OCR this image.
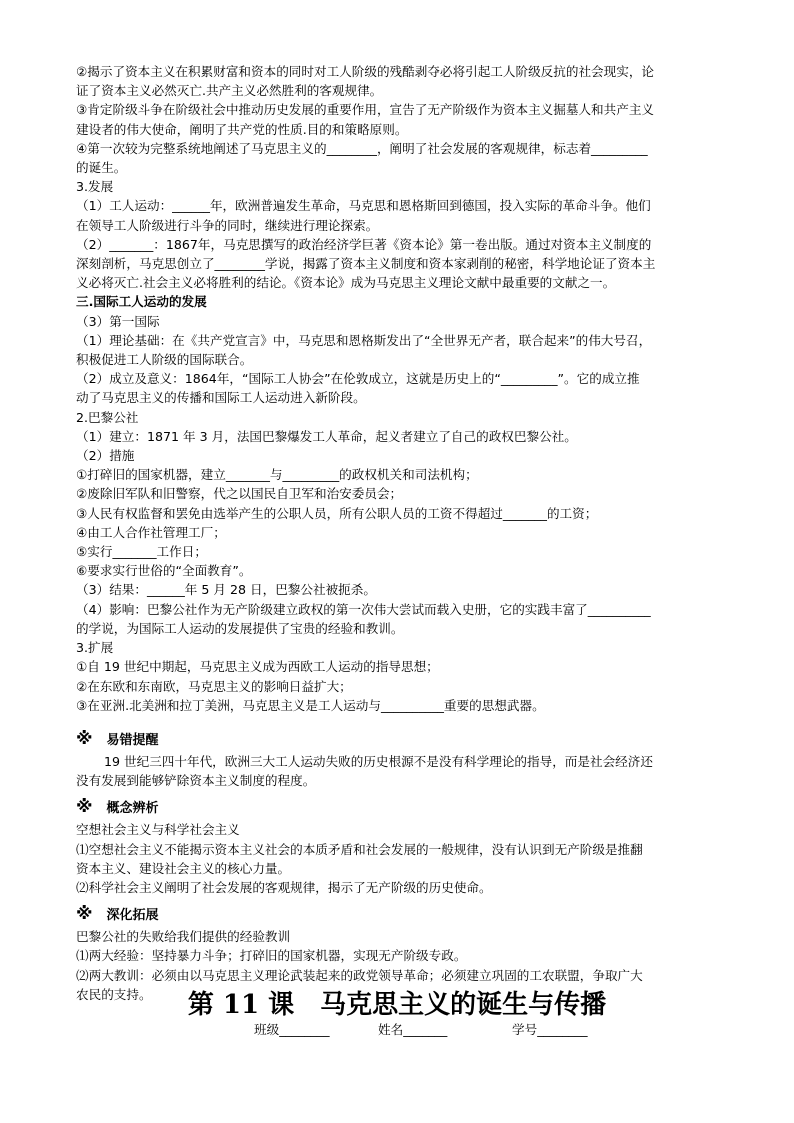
②揭示了资本主义在积累财富和资本的同时对工人阶级的残酷剥夺必将引起工人阶级反抗的社会现实，论
证了资本主义必然灭亡.共产主义必然胜利的客观规律。
③肯定阶级斗争在阶级社会中推动历史发展的重要作用，宣告了无产阶级作为资本主义掘墓人和共产主义
建设者的伟大使命，阐明了共产党的性质.目的和策略原则。
④第一次较为完整系统地阐述了马克思主义的________，阐明了社会发展的客观规律，标志着_________
的诞生。
3.发展
（1）工人运动：______年，欧洲普遍发生革命，马克思和恩格斯回到德国，投入实际的革命斗争。他们
在领导工人阶级进行斗争的同时，继续进行理论探索。
（2）_______：1867年，马克思撰写的政治经济学巨著《资本论》第一卷出版。通过对资本主义制度的
深刻剖析，马克思创立了________学说，揭露了资本主义制度和资本家剥削的秘密，科学地论证了资本主
义必将灭亡.社会主义必将胜利的结论。《资本论》成为马克思主义理论文献中最重要的文献之一。
三.国际工人运动的发展
（3）第一国际
（1）理论基础：在《共产党宣言》中，马克思和恩格斯发出了“全世界无产者，联合起来”的伟大号召，
积极促进工人阶级的国际联合。
（2）成立及意义：1864年，“国际工人协会”在伦敦成立，这就是历史上的“_________”。它的成立推
动了马克思主义的传播和国际工人运动进入新阶段。
2.巴黎公社
（1）建立：1871 年 3 月，法国巴黎爆发工人革命，起义者建立了自己的政权巴黎公社。
（2）措施
①打碎旧的国家机器，建立_______与_________的政权机关和司法机构；
②废除旧军队和旧警察，代之以国民自卫军和治安委员会；
③人民有权监督和罢免由选举产生的公职人员，所有公职人员的工资不得超过_______的工资；
④由工人合作社管理工厂；
⑤实行_______工作日；
⑥要求实行世俗的“全面教育”。
（3）结果：______年 5 月 28 日，巴黎公社被扼杀。
（4）影响：巴黎公社作为无产阶级建立政权的第一次伟大尝试而载入史册，它的实践丰富了__________
的学说，为国际工人运动的发展提供了宝贵的经验和教训。
3.扩展
①自 19 世纪中期起，马克思主义成为西欧工人运动的指导思想；
②在东欧和东南欧，马克思主义的影响日益扩大；
③在亚洲.北美洲和拉丁美洲，马克思主义是工人运动与__________重要的思想武器。
※ 易错提醒
19 世纪三四十年代，欧洲三大工人运动失败的历史根源不是没有科学理论的指导，而是社会经济还
没有发展到能够铲除资本主义制度的程度。
※ 概念辨析
空想社会主义与科学社会主义
⑴空想社会主义不能揭示资本主义社会的本质矛盾和社会发展的一般规律，没有认识到无产阶级是推翻
资本主义、建设社会主义的核心力量。
⑵科学社会主义阐明了社会发展的客观规律，揭示了无产阶级的历史使命。
※ 深化拓展
巴黎公社的失败给我们提供的经验教训
⑴两大经验：坚持暴力斗争；打碎旧的国家机器，实现无产阶级专政。
⑵两大教训：必须由以马克思主义理论武装起来的政党领导革命；必须建立巩固的工农联盟，争取广大
农民的支持。	第 11 课　马克思主义的诞生与传播
班级________	姓名_______	学号________
